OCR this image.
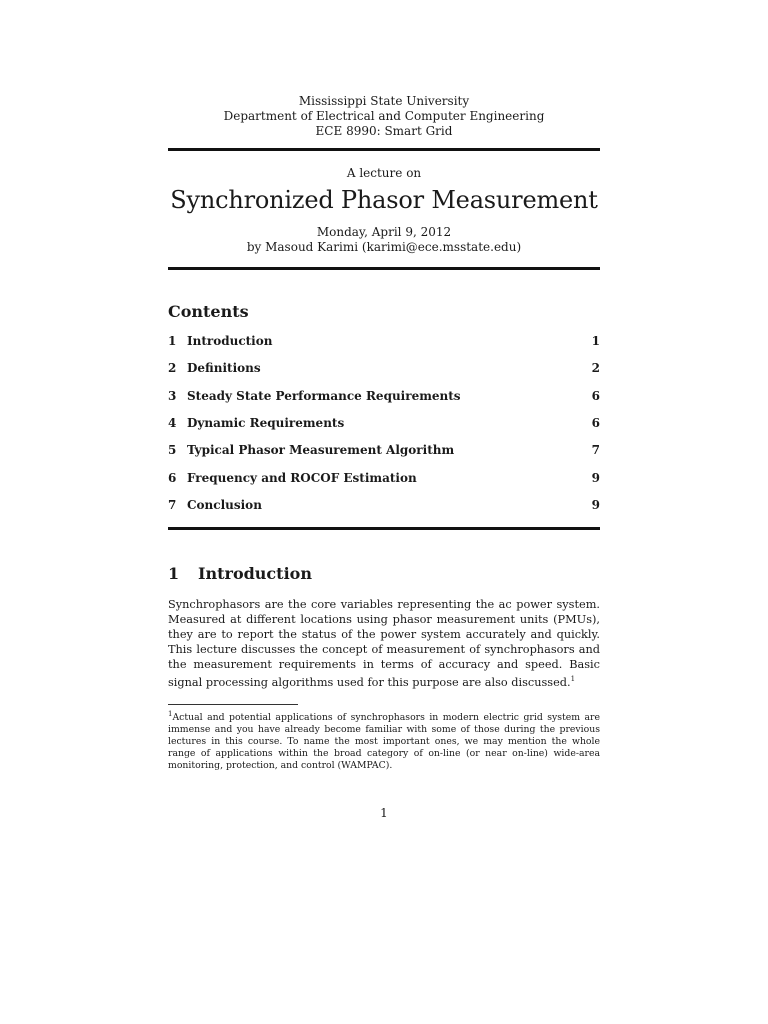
Mississippi State University
Department of Electrical and Computer Engineering
ECE 8990: Smart Grid
A lecture on
Synchronized Phasor Measurement
Monday, April 9, 2012
by Masoud Karimi (karimi@ece.msstate.edu)
Contents
1 Introduction	1
2 Definitions	2
3 Steady State Performance Requirements	6
4 Dynamic Requirements	6
5 Typical Phasor Measurement Algorithm	7
6 Frequency and ROCOF Estimation	9
7 Conclusion	9
1 Introduction
Synchrophasors are the core variables representing the ac power system. Measured at different locations using phasor measurement units (PMUs), they are to report the status of the power system accurately and quickly. This lecture discusses the concept of measurement of synchrophasors and the measurement requirements in terms of accuracy and speed. Basic signal processing algorithms used for this purpose are also discussed.$^1$
$^1$Actual and potential applications of synchrophasors in modern electric grid system are immense and you have already become familiar with some of those during the previous lectures in this course. To name the most important ones, we may mention the whole range of applications within the broad category of on-line (or near on-line) wide-area monitoring, protection, and control (WAMPAC).
1
